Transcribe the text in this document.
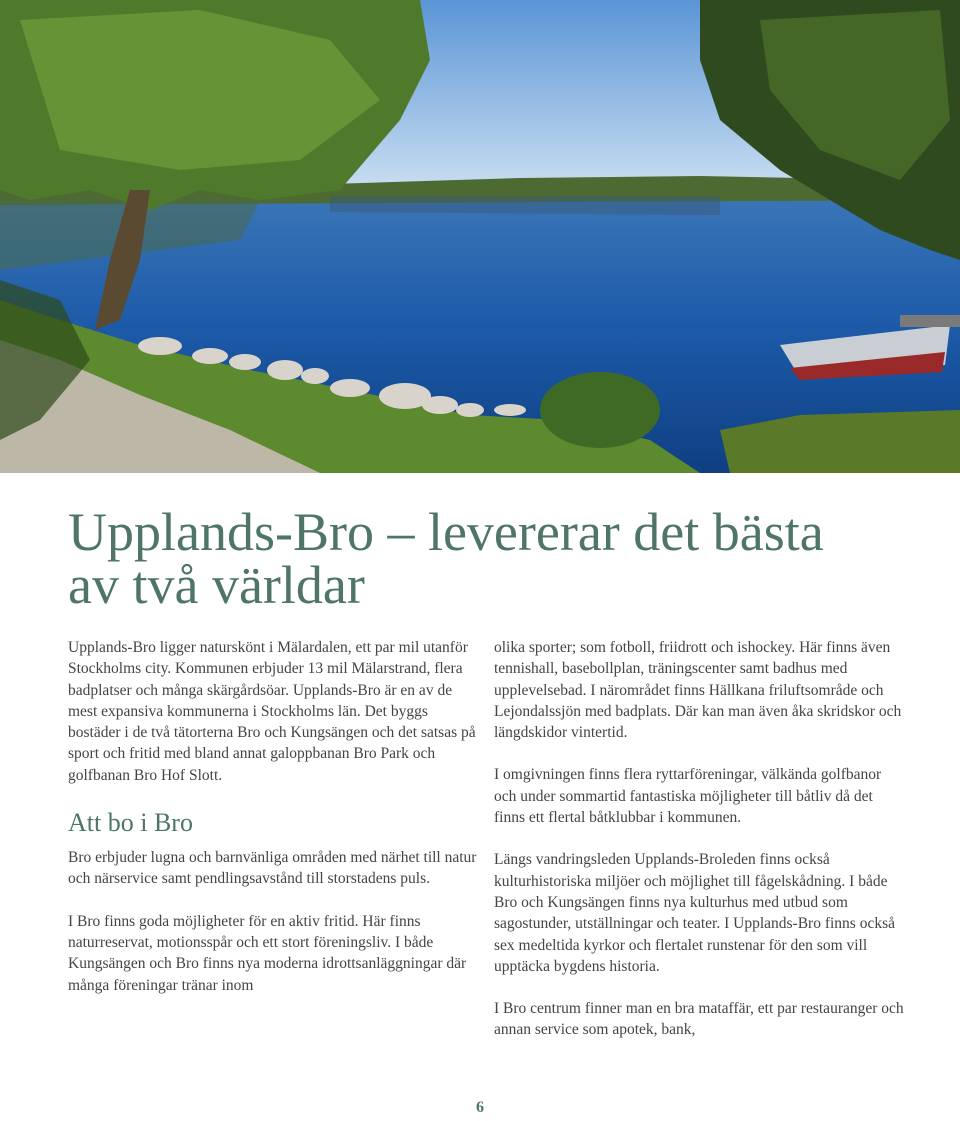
Upplands-Bro – levererar det bästa av två världar

Upplands-Bro ligger naturskönt i Mälardalen, ett par mil utanför Stockholms city. Kommunen erbjuder 13 mil Mälarstrand, flera badplatser och många skärgårdsöar. Upplands-Bro är en av de mest expansiva kommunerna i Stockholms län. Det byggs bostäder i de två tätorterna Bro och Kungsängen och det satsas på sport och fritid med bland annat galoppbanan Bro Park och golfbanan Bro Hof Slott.

Att bo i Bro

Bro erbjuder lugna och barnvänliga områden med närhet till natur och närservice samt pendlingsavstånd till storstadens puls.

I Bro finns goda möjligheter för en aktiv fritid. Här finns naturreservat, motionsspår och ett stort föreningsliv. I både Kungsängen och Bro finns nya moderna idrottsanläggningar där många föreningar tränar inom

olika sporter; som fotboll, friidrott och ishockey. Här finns även tennishall, basebollplan, träningscenter samt badhus med upplevelsebad. I närområdet finns Hällkana friluftsområde och Lejondalssjön med badplats. Där kan man även åka skridskor och längdskidor vintertid.

I omgivningen finns flera ryttarföreningar, välkända golfbanor och under sommartid fantastiska möjligheter till båtliv då det finns ett flertal båtklubbar i kommunen.

Längs vandringsleden Upplands-Broleden finns också kulturhistoriska miljöer och möjlighet till fågelskådning. I både Bro och Kungsängen finns nya kulturhus med utbud som sagostunder, utställningar och teater. I Upplands-Bro finns också sex medeltida kyrkor och flertalet runstenar för den som vill upptäcka bygdens historia.

I Bro centrum finner man en bra mataffär, ett par restauranger och annan service som apotek, bank,

6
